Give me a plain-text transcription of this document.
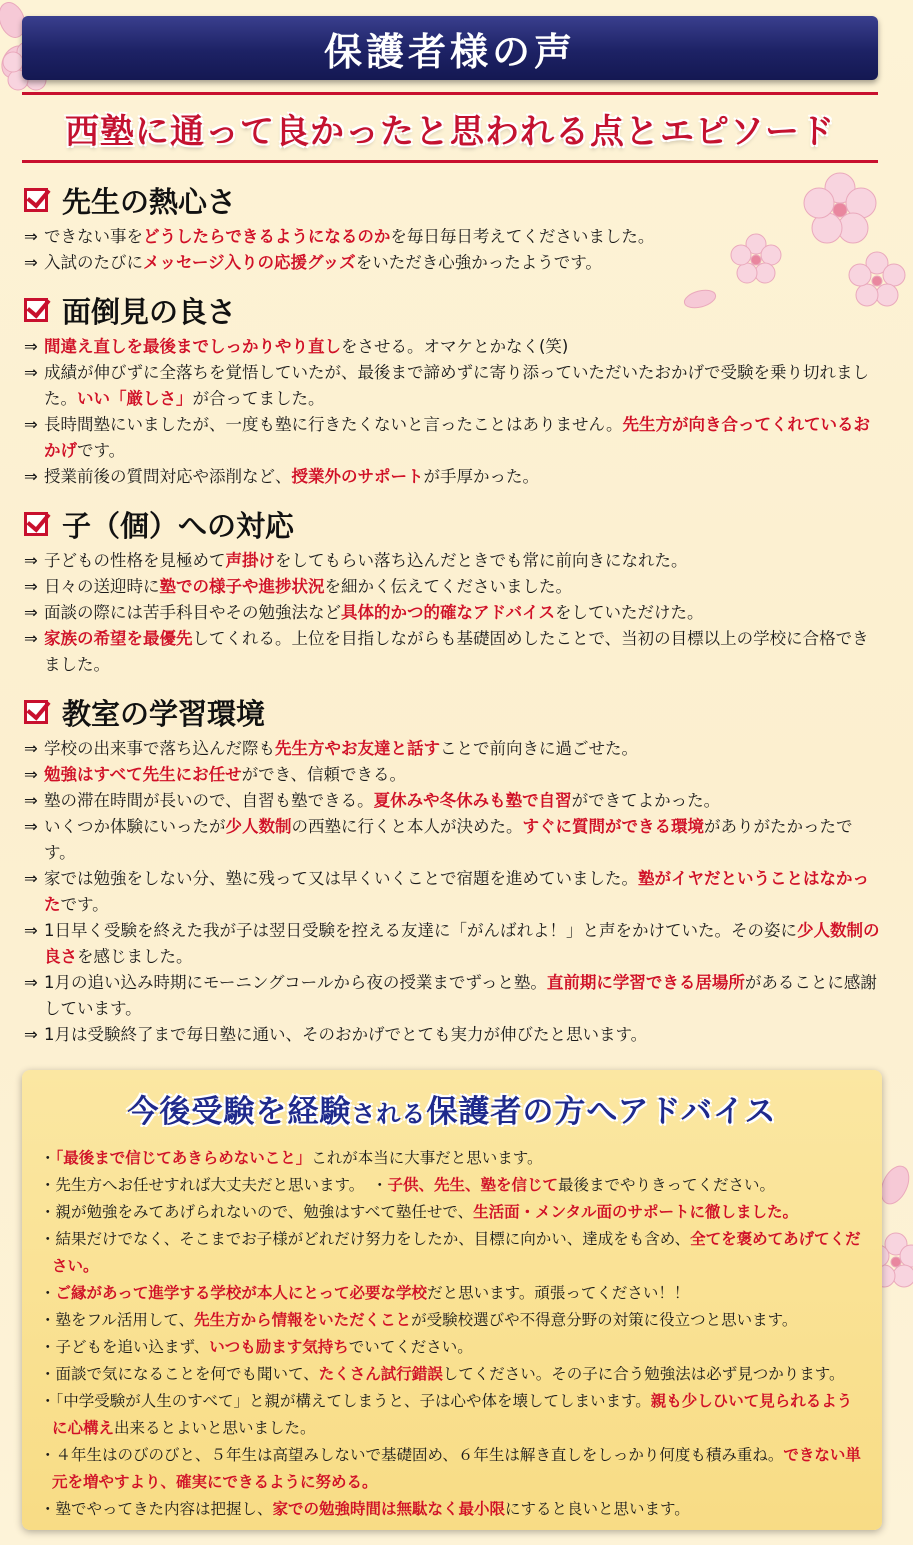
保護者様の声
西塾に通って良かったと思われる点とエピソード
先生の熱心さ
⇒ できない事をどうしたらできるようになるのかを毎日毎日考えてくださいました。
⇒ 入試のたびにメッセージ入りの応援グッズをいただき心強かったようです。
面倒見の良さ
⇒ 間違え直しを最後までしっかりやり直しをさせる。オマケとかなく(笑)
⇒ 成績が伸びずに全落ちを覚悟していたが、最後まで諦めずに寄り添っていただいたおかげで受験を乗り切れました。いい「厳しさ」が合ってました。
⇒ 長時間塾にいましたが、一度も塾に行きたくないと言ったことはありません。先生方が向き合ってくれているおかげです。
⇒ 授業前後の質問対応や添削など、授業外のサポートが手厚かった。
子（個）への対応
⇒ 子どもの性格を見極めて声掛けをしてもらい落ち込んだときでも常に前向きになれた。
⇒ 日々の送迎時に塾での様子や進捗状況を細かく伝えてくださいました。
⇒ 面談の際には苦手科目やその勉強法など具体的かつ的確なアドバイスをしていただけた。
⇒ 家族の希望を最優先してくれる。上位を目指しながらも基礎固めしたことで、当初の目標以上の学校に合格できました。
教室の学習環境
⇒ 学校の出来事で落ち込んだ際も先生方やお友達と話すことで前向きに過ごせた。
⇒ 勉強はすべて先生にお任せができ、信頼できる。
⇒ 塾の滞在時間が長いので、自習も塾できる。夏休みや冬休みも塾で自習ができてよかった。
⇒ いくつか体験にいったが少人数制の西塾に行くと本人が決めた。すぐに質問ができる環境がありがたかったです。
⇒ 家では勉強をしない分、塾に残って又は早くいくことで宿題を進めていました。塾がイヤだということはなかったです。
⇒ 1日早く受験を終えた我が子は翌日受験を控える友達に「がんばれよ！」と声をかけていた。その姿に少人数制の良さを感じました。
⇒ 1月の追い込み時期にモーニングコールから夜の授業までずっと塾。直前期に学習できる居場所があることに感謝しています。
⇒ 1月は受験終了まで毎日塾に通い、そのおかげでとても実力が伸びたと思います。
今後受験を経験される保護者の方へアドバイス
・「最後まで信じてあきらめないこと」これが本当に大事だと思います。
・先生方へお任せすれば大丈夫だと思います。　・子供、先生、塾を信じて最後までやりきってください。
・親が勉強をみてあげられないので、勉強はすべて塾任せで、生活面・メンタル面のサポートに徹しました。
・結果だけでなく、そこまでお子様がどれだけ努力をしたか、目標に向かい、達成をも含め、全てを褒めてあげてください。
・ご縁があって進学する学校が本人にとって必要な学校だと思います。頑張ってください！！
・塾をフル活用して、先生方から情報をいただくことが受験校選びや不得意分野の対策に役立つと思います。
・子どもを追い込まず、いつも励ます気持ちでいてください。
・面談で気になることを何でも聞いて、たくさん試行錯誤してください。その子に合う勉強法は必ず見つかります。
・「中学受験が人生のすべて」と親が構えてしまうと、子は心や体を壊してしまいます。親も少しひいて見られるように心構え出来るとよいと思いました。
・４年生はのびのびと、５年生は高望みしないで基礎固め、６年生は解き直しをしっかり何度も積み重ね。できない単元を増やすより、確実にできるように努める。
・塾でやってきた内容は把握し、家での勉強時間は無駄なく最小限にすると良いと思います。
